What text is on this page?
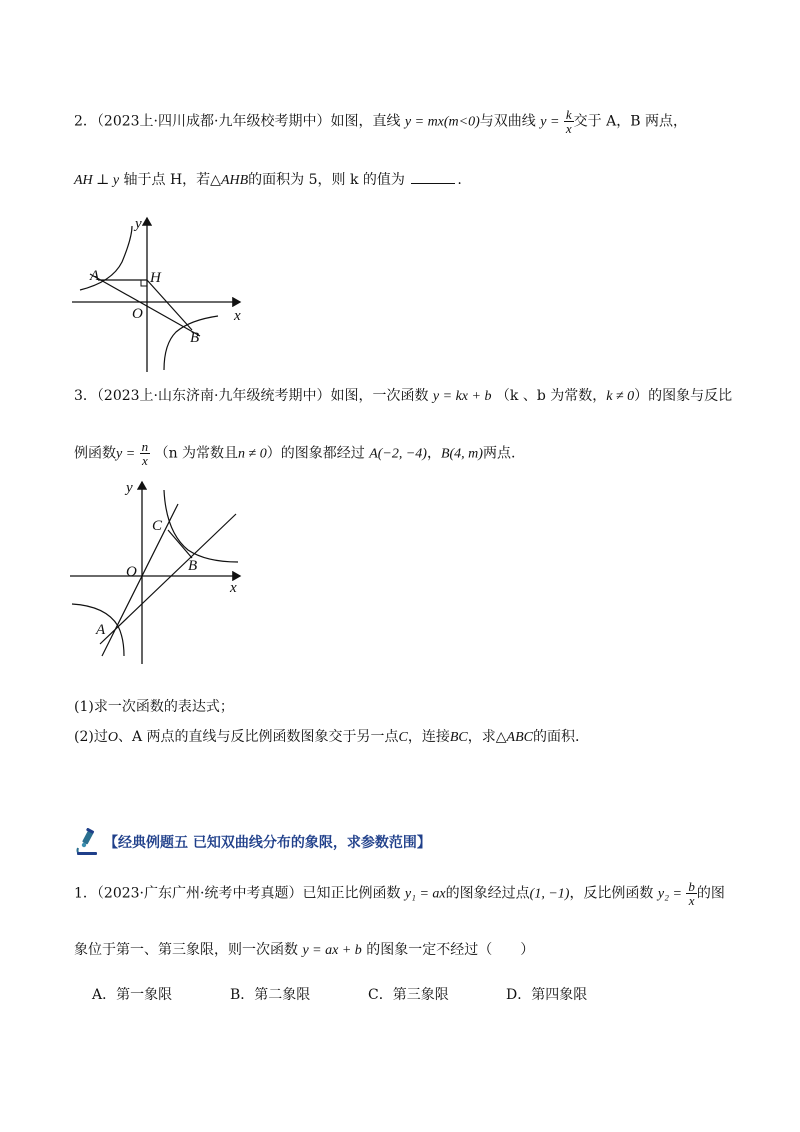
2．（2023上·四川成都·九年级校考期中）如图，直线 y = mx(m<0)与双曲线 $y = \frac{k}{x}$ 交于 A，B 两点，
AH ⊥ y 轴于点 H，若△AHB的面积为 5，则 k 的值为	.
y
x
A	H
O
B
3．（2023上·山东济南·九年级统考期中）如图，一次函数 y = kx + b （k 、b 为常数，k ≠ 0）的图象与反比
例函数$y = \frac{n}{x} (n$ 为常数且n ≠ 0）的图象都经过 A(−2, −4)，B(4, m)两点.
y
x
C
O	B
A
(1)求一次函数的表达式；
(2)过O、A 两点的直线与反比例函数图象交于另一点C，连接BC，求△ABC的面积.
【经典例题五 已知双曲线分布的象限，求参数范围】
1．（2023·广东广州·统考中考真题）已知正比例函数 y₁ = ax的图象经过点(1, −1)，反比例函数 $y_2 = \frac{b}{x}$ 的图
象位于第一、第三象限，则一次函数 y = ax + b 的图象一定不经过（　　）
A．第一象限	B．第二象限	C．第三象限	D．第四象限
